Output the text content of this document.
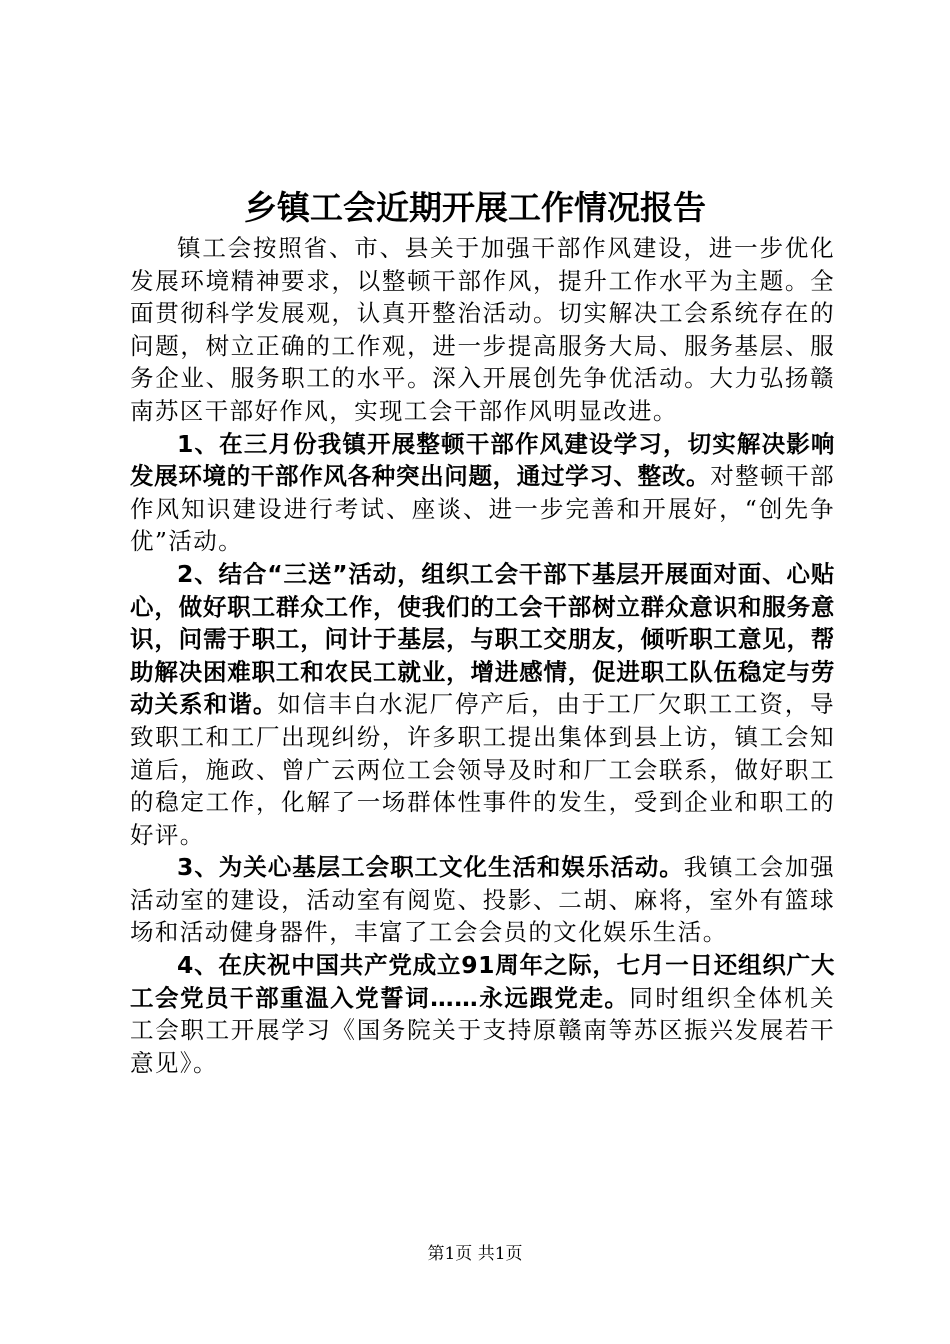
乡镇工会近期开展工作情况报告

镇工会按照省、市、县关于加强干部作风建设，进一步优化发展环境精神要求，以整顿干部作风，提升工作水平为主题。全面贯彻科学发展观，认真开整治活动。切实解决工会系统存在的问题，树立正确的工作观，进一步提高服务大局、服务基层、服务企业、服务职工的水平。深入开展创先争优活动。大力弘扬赣南苏区干部好作风，实现工会干部作风明显改进。

1、在三月份我镇开展整顿干部作风建设学习，切实解决影响发展环境的干部作风各种突出问题，通过学习、整改。对整顿干部作风知识建设进行考试、座谈、进一步完善和开展好，“创先争优”活动。

2、结合“三送”活动，组织工会干部下基层开展面对面、心贴心，做好职工群众工作，使我们的工会干部树立群众意识和服务意识，问需于职工，问计于基层，与职工交朋友，倾听职工意见，帮助解决困难职工和农民工就业，增进感情，促进职工队伍稳定与劳动关系和谐。如信丰白水泥厂停产后，由于工厂欠职工工资，导致职工和工厂出现纠纷，许多职工提出集体到县上访，镇工会知道后，施政、曾广云两位工会领导及时和厂工会联系，做好职工的稳定工作，化解了一场群体性事件的发生，受到企业和职工的好评。

3、为关心基层工会职工文化生活和娱乐活动。我镇工会加强活动室的建设，活动室有阅览、投影、二胡、麻将，室外有篮球场和活动健身器件，丰富了工会会员的文化娱乐生活。

4、在庆祝中国共产党成立91周年之际，七月一日还组织广大工会党员干部重温入党誓词……永远跟党走。同时组织全体机关工会职工开展学习《国务院关于支持原赣南等苏区振兴发展若干意见》。

第1页 共1页
